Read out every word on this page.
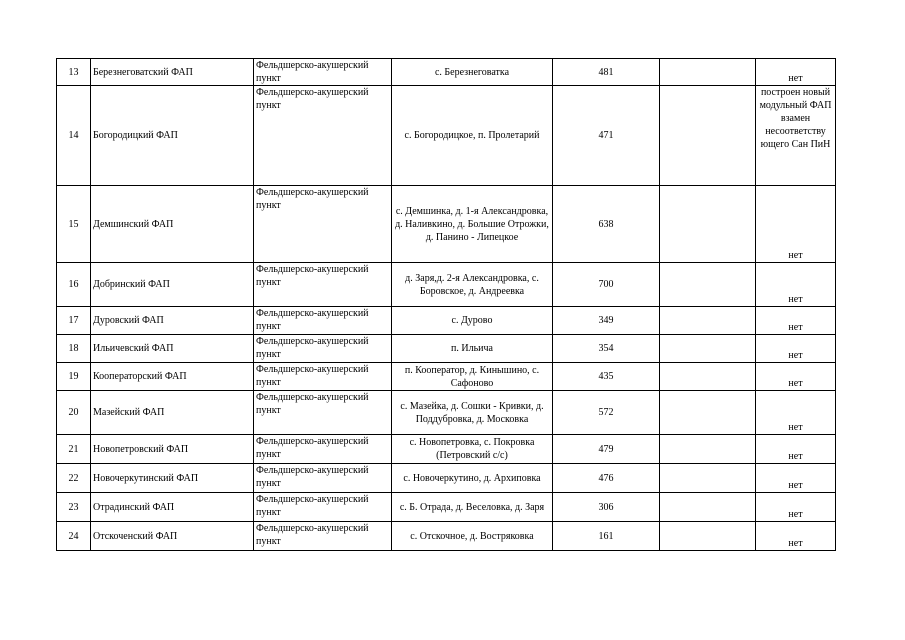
13	Березнеговатский ФАП	Фельдшерско-акушерский пункт	с. Березнеговатка	481		нет

14	Богородицкий ФАП	Фельдшерско-акушерский пункт	с. Богородицкое, п. Пролетарий	471		построен новый модульный ФАП взамен несоответству ющего Сан ПиН

15	Демшинский ФАП	Фельдшерско-акушерский пункт	с. Демшинка, д. 1-я Александровка, д. Наливкино, д. Большие Отрожки, д. Панино - Липецкое	638		нет

16	Добринский ФАП	Фельдшерско-акушерский пункт	д. Заря,д. 2-я Александровка, с. Боровское, д. Андреевка	700		нет

17	Дуровский ФАП	Фельдшерско-акушерский пункт	с. Дурово	349		нет

18	Ильичевский ФАП	Фельдшерско-акушерский пункт	п. Ильича	354		нет

19	Кооператорский ФАП	Фельдшерско-акушерский пункт	п. Кооператор, д. Кинышино, с. Сафоново	435		нет

20	Мазейский ФАП	Фельдшерско-акушерский пункт	с. Мазейка, д. Сошки - Кривки, д. Поддубровка, д. Московка	572		нет

21	Новопетровский ФАП	Фельдшерско-акушерский пункт	с. Новопетровка, с. Покровка (Петровский с/с)	479		нет

22	Новочеркутинский ФАП	Фельдшерско-акушерский пункт	с. Новочеркутино, д. Архиповка	476		нет

23	Отрадинский ФАП	Фельдшерско-акушерский пункт	с. Б. Отрада, д. Веселовка, д. Заря	306		нет

24	Отскоченский ФАП	Фельдшерско-акушерский пункт	с. Отскочное, д. Востряковка	161		нет
